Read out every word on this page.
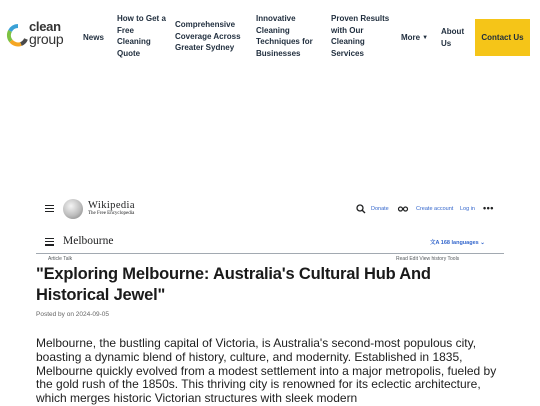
clean
group News
How to Get a Free Cleaning Quote
Comprehensive Coverage Across Greater Sydney
Innovative Cleaning Techniques for Businesses
Proven Results with Our Cleaning Services
More ▼
About Us
Contact Us
Wikipedia
The Free Encyclopedia
Donate	Create account Log in •••
Melbourne	文A 168 languages ⌄
Article Talk	Read Edit View history Tools
"Exploring Melbourne: Australia's Cultural Hub And Historical Jewel"
Posted by on 2024-09-05

Melbourne, the bustling capital of Victoria, is Australia's second-most populous city, boasting a dynamic blend of history, culture, and modernity. Established in 1835, Melbourne quickly evolved from a modest settlement into a major metropolis, fueled by the gold rush of the 1850s. This thriving city is renowned for its eclectic architecture, which merges historic Victorian structures with sleek modern
